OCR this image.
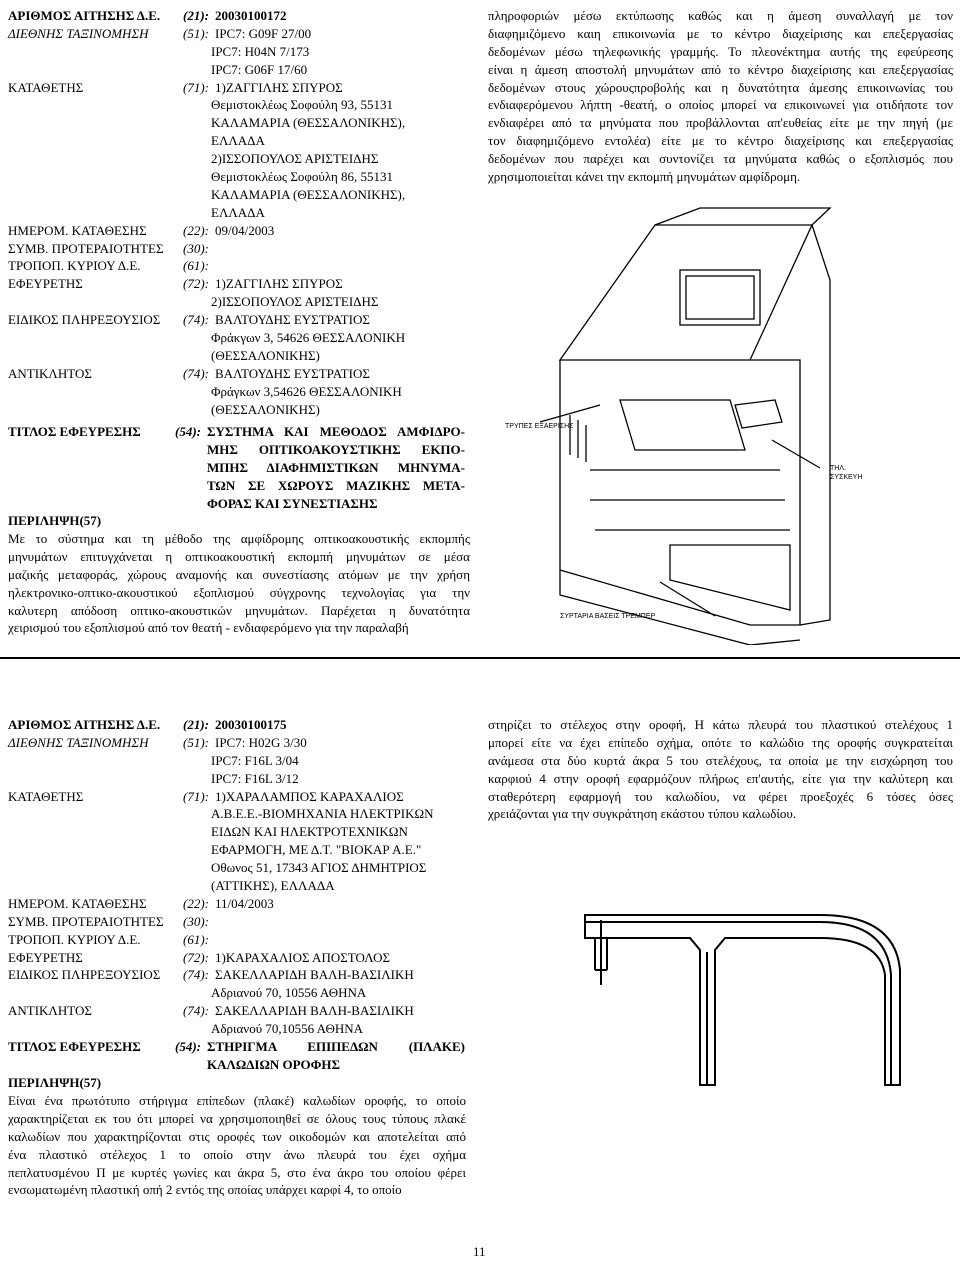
ΑΡΙΘΜΟΣ ΑΙΤΗΣΗΣ Δ.Ε. (21): 20030100172
ΔΙΕΘΝΗΣ ΤΑΞΙΝΟΜΗΣΗ	(51): IPC7: G09F 27/00
IPC7: H04N 7/173
IPC7: G06F 17/60
ΚΑΤΑΘΕΤΗΣ	(71): 1)ΖΑΓΓΙΛΗΣ ΣΠΥΡΟΣ
Θεμιστοκλέως Σοφούλη 93, 55131
ΚΑΛΑΜΑΡΙΑ (ΘΕΣΣΑΛΟΝΙΚΗΣ),
ΕΛΛΑΔΑ
2)ΙΣΣΟΠΟΥΛΟΣ ΑΡΙΣΤΕΙΔΗΣ
Θεμιστοκλέως Σοφούλη 86, 55131
ΚΑΛΑΜΑΡΙΑ (ΘΕΣΣΑΛΟΝΙΚΗΣ),
ΕΛΛΑΔΑ
ΗΜΕΡΟΜ. ΚΑΤΑΘΕΣΗΣ	(22): 09/04/2003
ΣΥΜΒ. ΠΡΟΤΕΡΑΙΟΤΗΤΕΣ (30):
ΤΡΟΠΟΠ. ΚΥΡΙΟΥ Δ.Ε.	(61):
ΕΦΕΥΡΕΤΗΣ	(72): 1)ΖΑΓΓΙΛΗΣ ΣΠΥΡΟΣ
2)ΙΣΣΟΠΟΥΛΟΣ ΑΡΙΣΤΕΙΔΗΣ
ΕΙΔΙΚΟΣ ΠΛΗΡΕΞΟΥΣΙΟΣ (74): ΒΑΛΤΟΥΔΗΣ ΕΥΣΤΡΑΤΙΟΣ
Φράκγων 3, 54626 ΘΕΣΣΑΛΟΝΙΚΗ
(ΘΕΣΣΑΛΟΝΙΚΗΣ)
ΑΝΤΙΚΛΗΤΟΣ	(74): ΒΑΛΤΟΥΔΗΣ ΕΥΣΤΡΑΤΙΟΣ
Φράγκων 3,54626 ΘΕΣΣΑΛΟΝΙΚΗ
(ΘΕΣΣΑΛΟΝΙΚΗΣ)
ΤΙΤΛΟΣ ΕΦΕΥΡΕΣΗΣ	(54): ΣΥΣΤΗΜΑ ΚΑΙ ΜΕΘΟΔΟΣ ΑΜΦΙΔΡΟ-
ΜΗΣ ΟΠΤΙΚΟΑΚΟΥΣΤΙΚΗΣ ΕΚΠΟ-
ΜΠΗΣ ΔΙΑΦΗΜΙΣΤΙΚΩΝ ΜΗΝΥΜΑ-
ΤΩΝ ΣΕ ΧΩΡΟΥΣ ΜΑΖΙΚΗΣ ΜΕΤΑ-
ΦΟΡΑΣ ΚΑΙ ΣΥΝΕΣΤΙΑΣΗΣ
ΠΕΡΙΛΗΨΗ(57)
Με το σύστημα και τη μέθοδο της αμφίδρομης οπτικοακουστικής εκπομπής
μηνυμάτων επιτυγχάνεται η οπτικοακουστική εκπομπή μηνυμάτων σε μέσα
μαζικής μεταφοράς, χώρους αναμονής και συνεστίασης ατόμων με την χρήση
ηλεκτρονικο-οπτικο-ακουστικού εξοπλισμού σύγχρονης τεχνολογίας για την
καλυτερη απόδοση οπτικο-ακουστικών μηνυμάτων. Παρέχεται η δυνατότητα
χειρισμού του εξοπλισμού από τον θεατή - ενδιαφερόμενο για την παραλαβή
πληροφοριών μέσω εκτύπωσης καθώς και η άμεση συναλλαγή με τον
διαφημιζόμενο καιη επικοινωνία με το κέντρο διαχείρισης και επεξεργασίας
δεδομένων μέσω τηλεφωνικής γραμμής. Το πλεονέκτημα αυτής της εφεύρεσης
είναι η άμεση αποστολή μηνυμάτων από το κέντρο διαχείρισης και επεξεργασίας
δεδομένων στους χώρουςπροβολής και η δυνατότητα άμεσης επικοινωνίας του
ενδιαφερόμενου λήπτη -θεατή, ο οποίος μπορεί να επικοινωνεί για οτιδήποτε τον
ενδιαφέρει από τα μηνύματα που προβάλλονται απ'ευθείας είτε με την πηγή (με
τον διαφημιζόμενο εντολέα) είτε με το κέντρο διαχείρισης και επεξεργασίας
δεδομένων που παρέχει και συντονίζει τα μηνύματα καθώς ο εξοπλισμός που
χρησιμοποιείται κάνει την εκπομπή μηνυμάτων αμφίδρομη.
ΤΡΥΠΕΣ ΕΞΑΕΡΙΣΗΣ
ΤΗΛ.
ΣΥΣΚΕΥΗ
ΣΥΡΤΑΡΙΑ ΒΑΣΕΙΣ ΤΡΕΜΠΕΡ
ΑΡΙΘΜΟΣ ΑΙΤΗΣΗΣ Δ.Ε. (21): 20030100175
ΔΙΕΘΝΗΣ ΤΑΞΙΝΟΜΗΣΗ	(51): IPC7: H02G 3/30
IPC7: F16L 3/04
IPC7: F16L 3/12
ΚΑΤΑΘΕΤΗΣ	(71): 1)ΧΑΡΑΛΑΜΠΟΣ ΚΑΡΑΧΑΛΙΟΣ
Α.Β.Ε.Ε.-ΒΙΟΜΗΧΑΝΙΑ ΗΛΕΚΤΡΙΚΩΝ
ΕΙΔΩΝ ΚΑΙ ΗΛΕΚΤΡΟΤΕΧΝΙΚΩΝ
ΕΦΑΡΜΟΓΗ, ΜΕ Δ.Τ. "ΒΙΟΚΑΡ Α.Ε."
Οθωνος 51, 17343 ΑΓΙΟΣ ΔΗΜΗΤΡΙΟΣ
(ΑΤΤΙΚΗΣ), ΕΛΛΑΔΑ
ΗΜΕΡΟΜ. ΚΑΤΑΘΕΣΗΣ	(22): 11/04/2003
ΣΥΜΒ. ΠΡΟΤΕΡΑΙΟΤΗΤΕΣ (30):
ΤΡΟΠΟΠ. ΚΥΡΙΟΥ Δ.Ε.	(61):
ΕΦΕΥΡΕΤΗΣ	(72): 1)ΚΑΡΑΧΑΛΙΟΣ ΑΠΟΣΤΟΛΟΣ
ΕΙΔΙΚΟΣ ΠΛΗΡΕΞΟΥΣΙΟΣ (74): ΣΑΚΕΛΛΑΡΙΔΗ ΒΑΛΗ-ΒΑΣΙΛΙΚΗ
Αδριανού 70, 10556 ΑΘΗΝΑ
ΑΝΤΙΚΛΗΤΟΣ	(74): ΣΑΚΕΛΛΑΡΙΔΗ ΒΑΛΗ-ΒΑΣΙΛΙΚΗ
Αδριανού 70,10556 ΑΘΗΝΑ
ΤΙΤΛΟΣ ΕΦΕΥΡΕΣΗΣ	(54): ΣΤΗΡΙΓΜΑ ΕΠΙΠΕΔΩΝ (ΠΛΑΚΕ)
ΚΑΛΩΔΙΩΝ ΟΡΟΦΗΣ
ΠΕΡΙΛΗΨΗ(57)
Είναι ένα πρωτότυπο στήριγμα επίπεδων (πλακέ) καλωδίων οροφής, το οποίο
χαρακτηρίζεται εκ του ότι μπορεί να χρησιμοποιηθεί σε όλους τους τύπους πλακέ
καλωδίων που χαρακτηρίζονται στις οροφές των οικοδομών και αποτελείται από
ένα πλαστικό στέλεχος 1 το οποίο στην άνω πλευρά του έχει σχήμα
πεπλατυσμένου Π με κυρτές γωνίες και άκρα 5, στο ένα άκρο του οποίου φέρει
ενσωματωμένη πλαστική οπή 2 εντός της οποίας υπάρχει καρφί 4, το οποίο
στηρίζει το στέλεχος στην οροφή, Η κάτω πλευρά του πλαστικού στελέχους 1
μπορεί είτε να έχει επίπεδο σχήμα, οπότε το καλώδιο της οροφής συγκρατείται
ανάμεσα στα δύο κυρτά άκρα 5 του στελέχους, τα οποία με την εισχώρηση του
καρφιού 4 στην οροφή εφαρμόζουν πλήρως επ'αυτής, είτε για την καλύτερη και
σταθερότερη εφαρμογή του καλωδίου, να φέρει προεξοχές 6 τόσες όσες
χρειάζονται για την συγκράτηση εκάστου τύπου καλωδίου.
11
